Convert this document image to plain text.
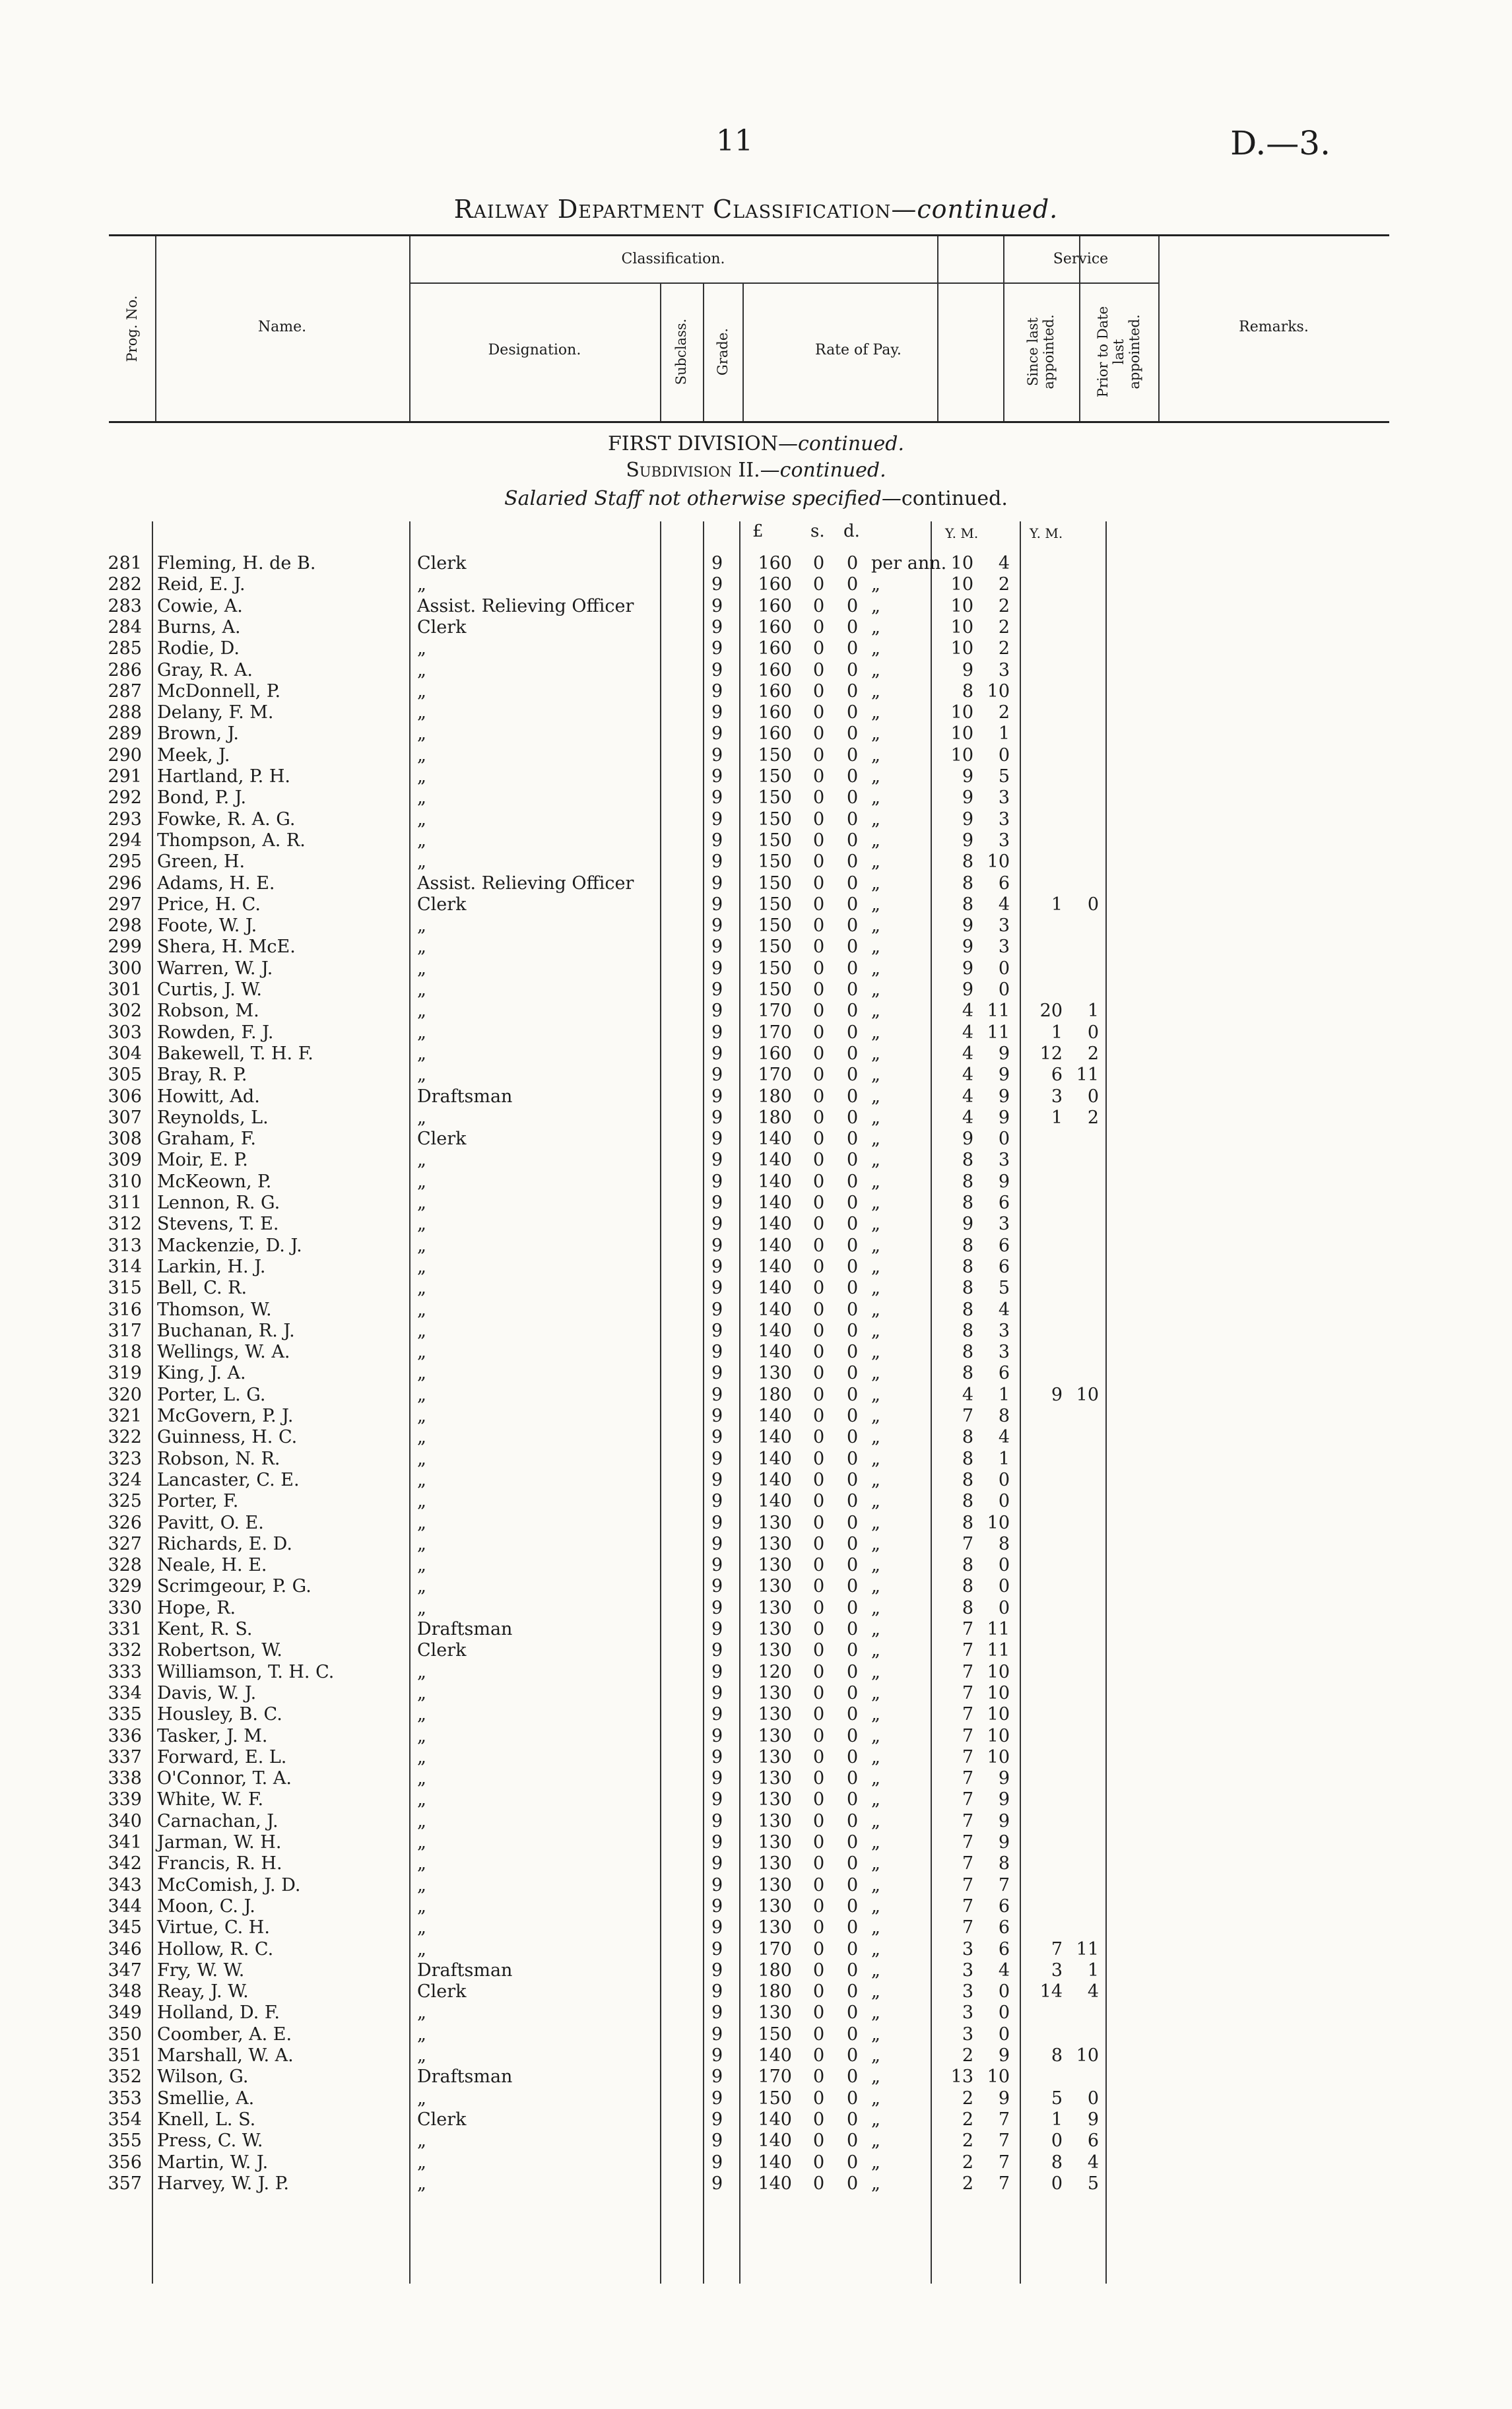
11	D.—3.
Railway Department Classification—continued.
Prog. No.	Name.
Classification.
Designation.	Subclass. Grade.	Rate of Pay.
Service
Since last appointed.	Prior to Date last appointed.	Remarks.
FIRST DIVISION—continued.
Subdivision II.—continued.
Salaried Staff not otherwise specified—continued.
£	s. d.	Y. M.	Y. M.
281 Fleming, H. de B.	Clerk	9	160 0 0 per ann. 10	4
282 Reid, E. J.	„	9	160 0 0 „	10	2
283 Cowie, A.	Assist. Relieving Officer	9	160 0 0 „	10	2
284 Burns, A.	Clerk	9	160 0 0 „	10	2
285 Rodie, D.	„	9	160 0 0 „	10	2
286 Gray, R. A.	„	9	160 0 0 „	9	3
287 McDonnell, P.	„	9	160 0 0 „	8 10
288 Delany, F. M.	„	9	160 0 0 „	10	2
289 Brown, J.	„	9	160 0 0 „	10	1
290 Meek, J.	„	9	150 0 0 „	10	0
291 Hartland, P. H.	„	9	150 0 0 „	9	5
292 Bond, P. J.	„	9	150 0 0 „	9	3
293 Fowke, R. A. G.	„	9	150 0 0 „	9	3
294 Thompson, A. R.	„	9	150 0 0 „	9	3
295 Green, H.	„	9	150 0 0 „	8 10
296 Adams, H. E.	Assist. Relieving Officer	9	150 0 0 „	8	6
297 Price, H. C.	Clerk	9	150 0 0 „	8	4	1	0
298 Foote, W. J.	„	9	150 0 0 „	9	3
299 Shera, H. McE.	„	9	150 0 0 „	9	3
300 Warren, W. J.	„	9	150 0 0 „	9	0
301 Curtis, J. W.	„	9	150 0 0 „	9	0
302 Robson, M.	„	9	170 0 0 „	4 11	20	1
303 Rowden, F. J.	„	9	170 0 0 „	4 11	1	0
304 Bakewell, T. H. F.	„	9	160 0 0 „	4	9	12	2
305 Bray, R. P.	„	9	170 0 0 „	4	9	6 11
306 Howitt, Ad.	Draftsman	9	180 0 0 „	4	9	3	0
307 Reynolds, L.	„	9	180 0 0 „	4	9	1	2
308 Graham, F.	Clerk	9	140 0 0 „	9	0
309 Moir, E. P.	„	9	140 0 0 „	8	3
310 McKeown, P.	„	9	140 0 0 „	8	9
311 Lennon, R. G.	„	9	140 0 0 „	8	6
312 Stevens, T. E.	„	9	140 0 0 „	9	3
313 Mackenzie, D. J.	„	9	140 0 0 „	8	6
314 Larkin, H. J.	„	9	140 0 0 „	8	6
315 Bell, C. R.	„	9	140 0 0 „	8	5
316 Thomson, W.	„	9	140 0 0 „	8	4
317 Buchanan, R. J.	„	9	140 0 0 „	8	3
318 Wellings, W. A.	„	9	140 0 0 „	8	3
319 King, J. A.	„	9	130 0 0 „	8	6
320 Porter, L. G.	„	9	180 0 0 „	4	1	9 10
321 McGovern, P. J.	„	9	140 0 0 „	7	8
322 Guinness, H. C.	„	9	140 0 0 „	8	4
323 Robson, N. R.	„	9	140 0 0 „	8	1
324 Lancaster, C. E.	„	9	140 0 0 „	8	0
325 Porter, F.	„	9	140 0 0 „	8	0
326 Pavitt, O. E.	„	9	130 0 0 „	8 10
327 Richards, E. D.	„	9	130 0 0 „	7	8
328 Neale, H. E.	„	9	130 0 0 „	8	0
329 Scrimgeour, P. G.	„	9	130 0 0 „	8	0
330 Hope, R.	„	9	130 0 0 „	8	0
331 Kent, R. S.	Draftsman	9	130 0 0 „	7 11
332 Robertson, W.	Clerk	9	130 0 0 „	7 11
333 Williamson, T. H. C.	„	9	120 0 0 „	7 10
334 Davis, W. J.	„	9	130 0 0 „	7 10
335 Housley, B. C.	„	9	130 0 0 „	7 10
336 Tasker, J. M.	„	9	130 0 0 „	7 10
337 Forward, E. L.	„	9	130 0 0 „	7 10
338 O'Connor, T. A.	„	9	130 0 0 „	7	9
339 White, W. F.	„	9	130 0 0 „	7	9
340 Carnachan, J.	„	9	130 0 0 „	7	9
341 Jarman, W. H.	„	9	130 0 0 „	7	9
342 Francis, R. H.	„	9	130 0 0 „	7	8
343 McComish, J. D.	„	9	130 0 0 „	7	7
344 Moon, C. J.	„	9	130 0 0 „	7	6
345 Virtue, C. H.	„	9	130 0 0 „	7	6
346 Hollow, R. C.	„	9	170 0 0 „	3	6	7 11
347 Fry, W. W.	Draftsman	9	180 0 0 „	3	4	3	1
348 Reay, J. W.	Clerk	9	180 0 0 „	3	0	14	4
349 Holland, D. F.	„	9	130 0 0 „	3	0
350 Coomber, A. E.	„	9	150 0 0 „	3	0
351 Marshall, W. A.	„	9	140 0 0 „	2	9	8 10
352 Wilson, G.	Draftsman	9	170 0 0 „	13 10
353 Smellie, A.	„	9	150 0 0 „	2	9	5	0
354 Knell, L. S.	Clerk	9	140 0 0 „	2	7	1	9
355 Press, C. W.	„	9	140 0 0 „	2	7	0	6
356 Martin, W. J.	„	9	140 0 0 „	2	7	8	4
357 Harvey, W. J. P.	„	9	140 0 0 „	2	7	0	5
